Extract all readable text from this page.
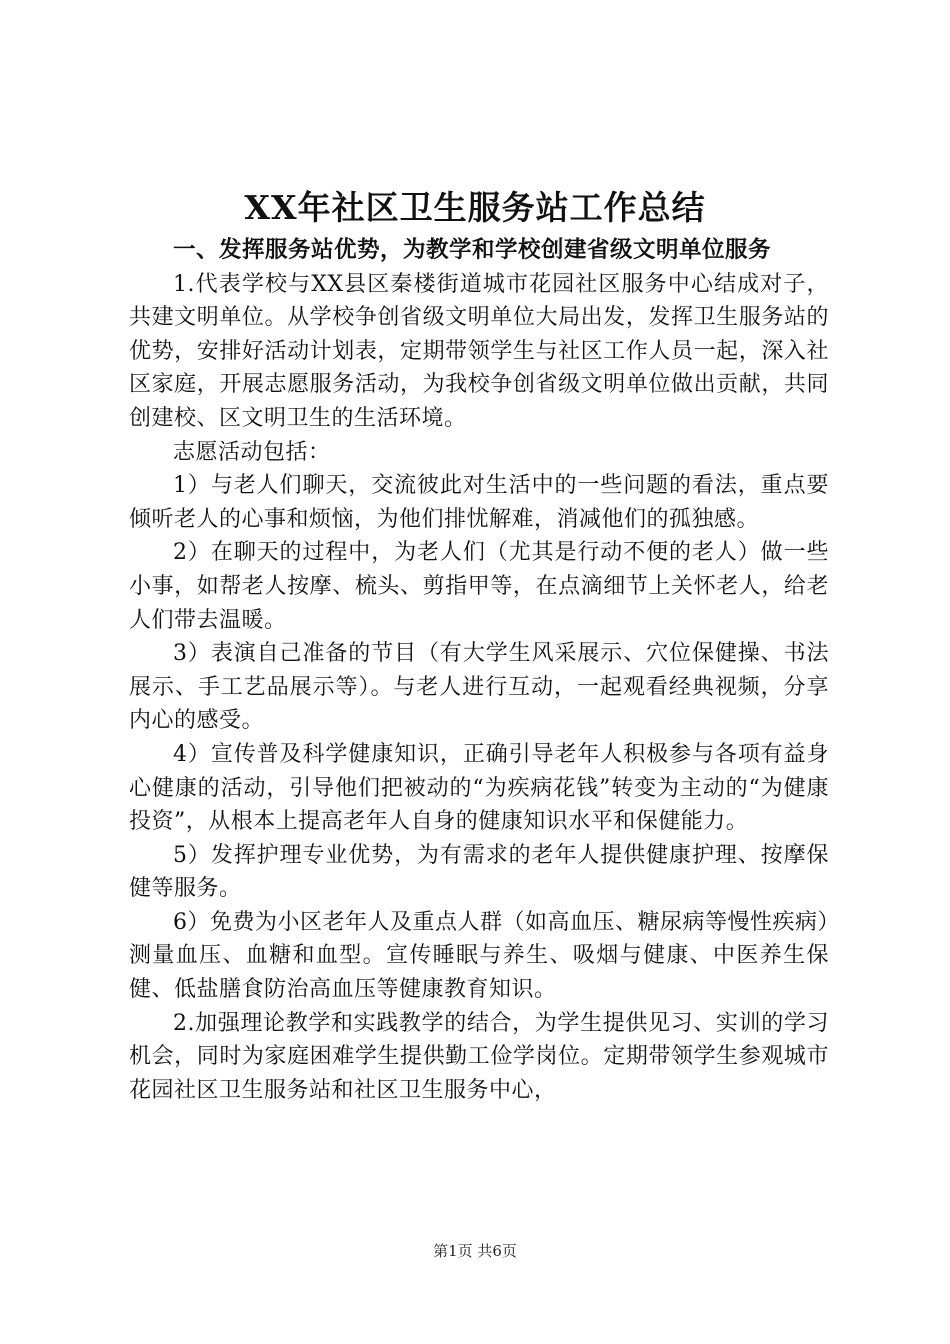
XX年社区卫生服务站工作总结

一、发挥服务站优势，为教学和学校创建省级文明单位服务

1.代表学校与XX县区秦楼街道城市花园社区服务中心结成对子，共建文明单位。从学校争创省级文明单位大局出发，发挥卫生服务站的优势，安排好活动计划表，定期带领学生与社区工作人员一起，深入社区家庭，开展志愿服务活动，为我校争创省级文明单位做出贡献，共同创建校、区文明卫生的生活环境。

志愿活动包括：

1）与老人们聊天，交流彼此对生活中的一些问题的看法，重点要倾听老人的心事和烦恼，为他们排忧解难，消减他们的孤独感。

2）在聊天的过程中，为老人们（尤其是行动不便的老人）做一些小事，如帮老人按摩、梳头、剪指甲等，在点滴细节上关怀老人，给老人们带去温暖。

3）表演自己准备的节目（有大学生风采展示、穴位保健操、书法展示、手工艺品展示等）。与老人进行互动，一起观看经典视频，分享内心的感受。

4）宣传普及科学健康知识，正确引导老年人积极参与各项有益身心健康的活动，引导他们把被动的“为疾病花钱”转变为主动的“为健康投资”，从根本上提高老年人自身的健康知识水平和保健能力。

5）发挥护理专业优势，为有需求的老年人提供健康护理、按摩保健等服务。

6）免费为小区老年人及重点人群（如高血压、糖尿病等慢性疾病）测量血压、血糖和血型。宣传睡眠与养生、吸烟与健康、中医养生保健、低盐膳食防治高血压等健康教育知识。

2.加强理论教学和实践教学的结合，为学生提供见习、实训的学习机会，同时为家庭困难学生提供勤工俭学岗位。定期带领学生参观城市花园社区卫生服务站和社区卫生服务中心，

第1页 共6页
